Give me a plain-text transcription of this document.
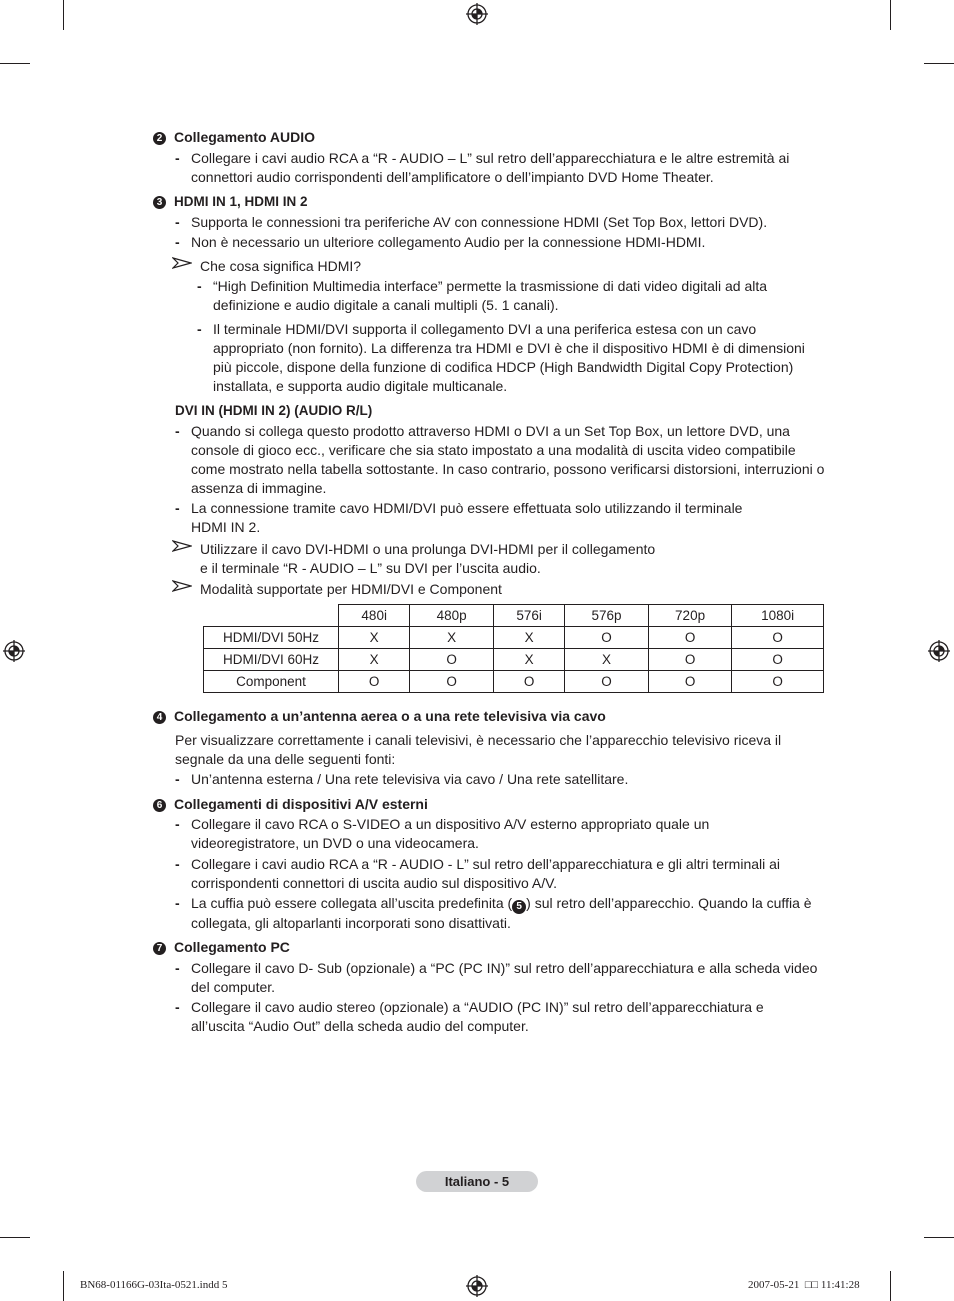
2 Collegamento AUDIO
- Collegare i cavi audio RCA a “R - AUDIO – L” sul retro dell’apparecchiatura e le altre estremità ai connettori audio corrispondenti dell’amplificatore o dell’impianto DVD Home Theater.
3 HDMI IN 1, HDMI IN 2
- Supporta le connessioni tra periferiche AV con connessione HDMI (Set Top Box, lettori DVD).
- Non è necessario un ulteriore collegamento Audio per la connessione HDMI-HDMI.
Che cosa significa HDMI?
- “High Definition Multimedia interface” permette la trasmissione di dati video digitali ad alta definizione e audio digitale a canali multipli (5. 1 canali).
- Il terminale HDMI/DVI supporta il collegamento DVI a una periferica estesa con un cavo appropriato (non fornito). La differenza tra HDMI e DVI è che il dispositivo HDMI è di dimensioni più piccole, dispone della funzione di codifica HDCP (High Bandwidth Digital Copy Protection) installata, e supporta audio digitale multicanale.
DVI IN (HDMI IN 2) (AUDIO R/L)
- Quando si collega questo prodotto attraverso HDMI o DVI a un Set Top Box, un lettore DVD, una console di gioco ecc., verificare che sia stato impostato a una modalità di uscita video compatibile come mostrato nella tabella sottostante. In caso contrario, possono verificarsi distorsioni, interruzioni o assenza di immagine.
- La connessione tramite cavo HDMI/DVI può essere effettuata solo utilizzando il terminale HDMI IN 2.
Utilizzare il cavo DVI-HDMI o una prolunga DVI-HDMI per il collegamento
e il terminale “R - AUDIO – L” su DVI per l’uscita audio.
Modalità supportate per HDMI/DVI e Component
	480i	480p	576i	576p	720p	1080i
HDMI/DVI 50Hz	X	X	X	O	O	O
HDMI/DVI 60Hz	X	O	X	X	O	O
Component	O	O	O	O	O	O
4 Collegamento a un’antenna aerea o a una rete televisiva via cavo
Per visualizzare correttamente i canali televisivi, è necessario che l’apparecchio televisivo riceva il segnale da una delle seguenti fonti:
- Un’antenna esterna / Una rete televisiva via cavo / Una rete satellitare.
6 Collegamenti di dispositivi A/V esterni
- Collegare il cavo RCA o S-VIDEO a un dispositivo A/V esterno appropriato quale un videoregistratore, un DVD o una videocamera.
- Collegare i cavi audio RCA a “R - AUDIO - L” sul retro dell’apparecchiatura e gli altri terminali ai corrispondenti connettori di uscita audio sul dispositivo A/V.
- La cuffia può essere collegata all’uscita predefinita ( 5 ) sul retro dell’apparecchio. Quando la cuffia è collegata, gli altoparlanti incorporati sono disattivati.
7 Collegamento PC
- Collegare il cavo D- Sub (opzionale) a “PC (PC IN)” sul retro dell’apparecchiatura e alla scheda video del computer.
- Collegare il cavo audio stereo (opzionale) a “AUDIO (PC IN)” sul retro dell’apparecchiatura e all’uscita “Audio Out” della scheda audio del computer.
Italiano - 5
BN68-01166G-03Ita-0521.indd 5	2007-05-21 □□ 11:41:28
